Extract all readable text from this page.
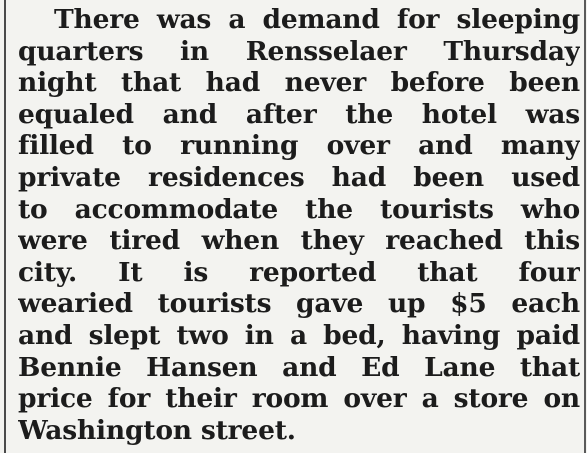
There was a demand for sleeping
quarters in Rensselaer Thursday
night that had never before been
equaled and after the hotel was
filled to running over and many
private residences had been used
to accommodate the tourists who
were tired when they reached this
city. It is reported that four
wearied tourists gave up $5 each
and slept two in a bed, having paid
Bennie Hansen and Ed Lane that
price for their room over a store on
Washington street.
